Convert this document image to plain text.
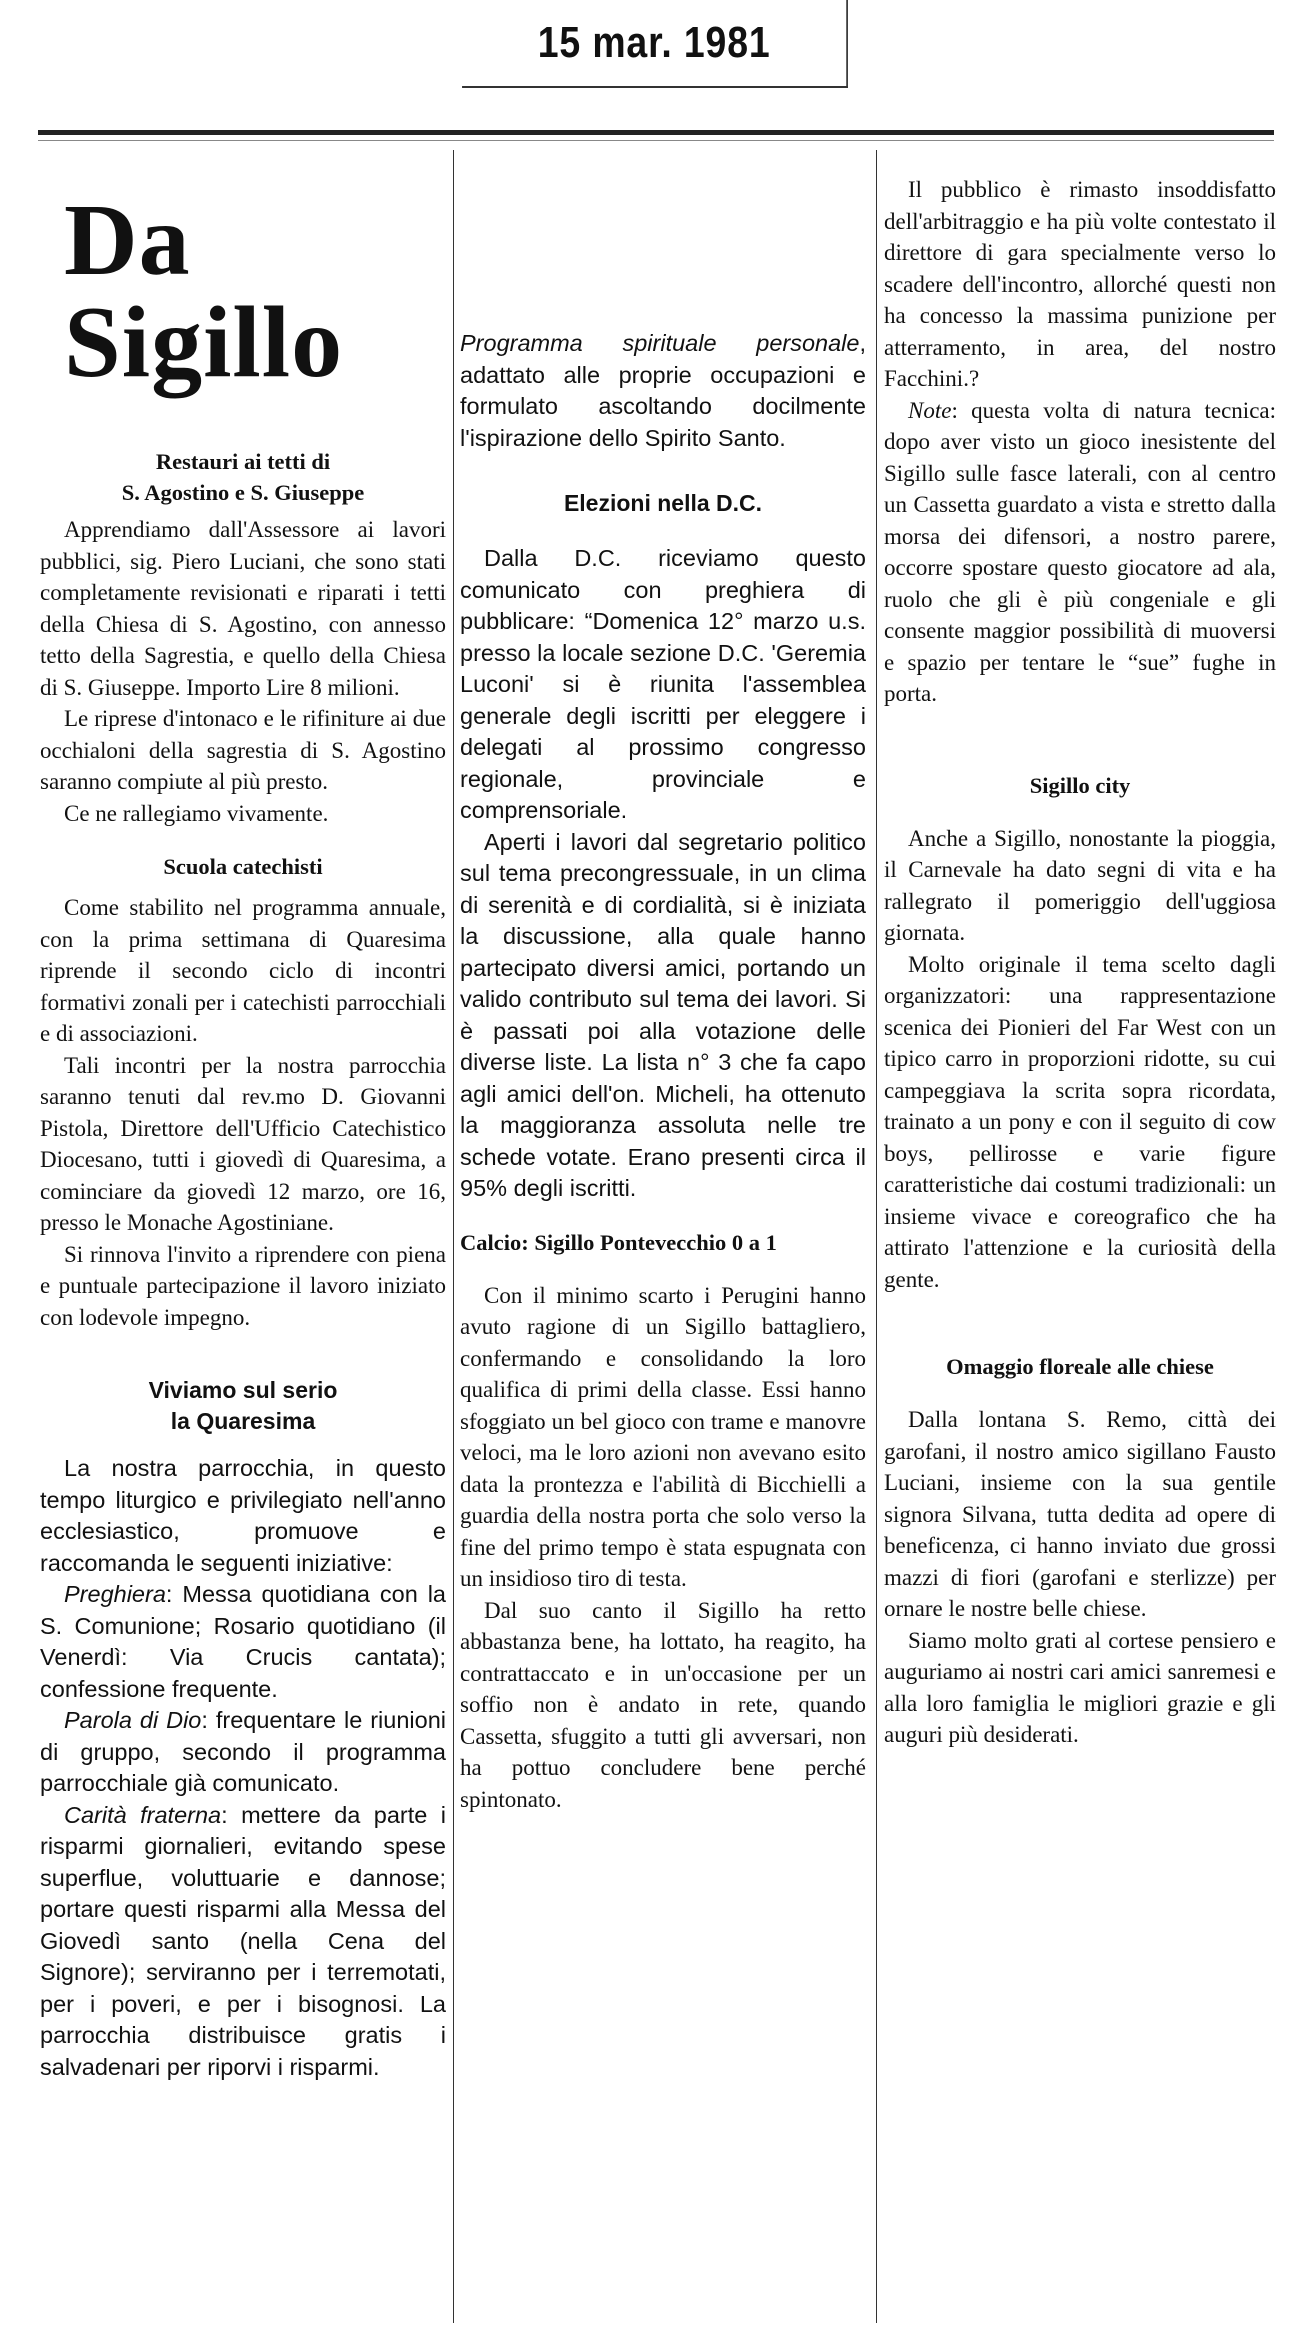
15 mar. 1981
Da Sigillo
Restauri ai tetti di
S. Agostino e S. Giuseppe

Apprendiamo dall'Assessore ai lavori pubblici, sig. Piero Luciani, che sono stati completamente revisionati e riparati i tetti della Chiesa di S. Agostino, con annesso tetto della Sagrestia, e quello della Chiesa di S. Giuseppe. Importo Lire 8 milioni.

Le riprese d'intonaco e le rifiniture ai due occhialoni della sagrestia di S. Agostino saranno compiute al più presto.

Ce ne rallegiamo vivamente.

Scuola catechisti

Come stabilito nel programma annuale, con la prima settimana di Quaresima riprende il secondo ciclo di incontri formativi zonali per i catechisti parrocchiali e di associazioni.

Tali incontri per la nostra parrocchia saranno tenuti dal rev.mo D. Giovanni Pistola, Direttore dell'Ufficio Catechistico Diocesano, tutti i giovedì di Quaresima, a cominciare da giovedì 12 marzo, ore 16, presso le Monache Agostiniane.

Si rinnova l'invito a riprendere con piena e puntuale partecipazione il lavoro iniziato con lodevole impegno.

Viviamo sul serio
la Quaresima

La nostra parrocchia, in questo tempo liturgico e privilegiato nell'anno ecclesiastico, promuove e raccomanda le seguenti iniziative:

Preghiera: Messa quotidiana con la S. Comunione; Rosario quotidiano (il Venerdì: Via Crucis cantata); confessione frequente.

Parola di Dio: frequentare le riunioni di gruppo, secondo il programma parrocchiale già comunicato.

Carità fraterna: mettere da parte i risparmi giornalieri, evitando spese superflue, voluttuarie e dannose; portare questi risparmi alla Messa del Giovedì santo (nella Cena del Signore); serviranno per i terremotati, per i poveri, e per i bisognosi. La parrocchia distribuisce gratis i salvadenari per riporvi i risparmi.

Programma spirituale personale, adattato alle proprie occupazioni e formulato ascoltando docilmente l'ispirazione dello Spirito Santo.

Elezioni nella D.C.

Dalla D.C. riceviamo questo comunicato con preghiera di pubblicare: “Domenica 12° marzo u.s. presso la locale sezione D.C. 'Geremia Luconi' si è riunita l'assemblea generale degli iscritti per eleggere i delegati al prossimo congresso regionale, provinciale e comprensoriale.

Aperti i lavori dal segretario politico sul tema precongressuale, in un clima di serenità e di cordialità, si è iniziata la discussione, alla quale hanno partecipato diversi amici, portando un valido contributo sul tema dei lavori. Si è passati poi alla votazione delle diverse liste. La lista n° 3 che fa capo agli amici dell'on. Micheli, ha ottenuto la maggioranza assoluta nelle tre schede votate. Erano presenti circa il 95% degli iscritti.

Calcio: Sigillo Pontevecchio 0 a 1

Con il minimo scarto i Perugini hanno avuto ragione di un Sigillo battagliero, confermando e consolidando la loro qualifica di primi della classe. Essi hanno sfoggiato un bel gioco con trame e manovre veloci, ma le loro azioni non avevano esito data la prontezza e l'abilità di Bicchielli a guardia della nostra porta che solo verso la fine del primo tempo è stata espugnata con un insidioso tiro di testa.

Dal suo canto il Sigillo ha retto abbastanza bene, ha lottato, ha reagito, ha contrattaccato e in un'occasione per un soffio non è andato in rete, quando Cassetta, sfuggito a tutti gli avversari, non ha pottuo concludere bene perché spintonato.

Il pubblico è rimasto insoddisfatto dell'arbitraggio e ha più volte contestato il direttore di gara specialmente verso lo scadere dell'incontro, allorché questi non ha concesso la massima punizione per atterramento, in area, del nostro Facchini.?

Note: questa volta di natura tecnica: dopo aver visto un gioco inesistente del Sigillo sulle fasce laterali, con al centro un Cassetta guardato a vista e stretto dalla morsa dei difensori, a nostro parere, occorre spostare questo giocatore ad ala, ruolo che gli è più congeniale e gli consente maggior possibilità di muoversi e spazio per tentare le “sue” fughe in porta.

Sigillo city

Anche a Sigillo, nonostante la pioggia, il Carnevale ha dato segni di vita e ha rallegrato il pomeriggio dell'uggiosa giornata.

Molto originale il tema scelto dagli organizzatori: una rappresentazione scenica dei Pionieri del Far West con un tipico carro in proporzioni ridotte, su cui campeggiava la scrita sopra ricordata, trainato a un pony e con il seguito di cow boys, pellirosse e varie figure caratteristiche dai costumi tradizionali: un insieme vivace e coreografico che ha attirato l'attenzione e la curiosità della gente.

Omaggio floreale alle chiese

Dalla lontana S. Remo, città dei garofani, il nostro amico sigillano Fausto Luciani, insieme con la sua gentile signora Silvana, tutta dedita ad opere di beneficenza, ci hanno inviato due grossi mazzi di fiori (garofani e sterlizze) per ornare le nostre belle chiese.

Siamo molto grati al cortese pensiero e auguriamo ai nostri cari amici sanremesi e alla loro famiglia le migliori grazie e gli auguri più desiderati.
